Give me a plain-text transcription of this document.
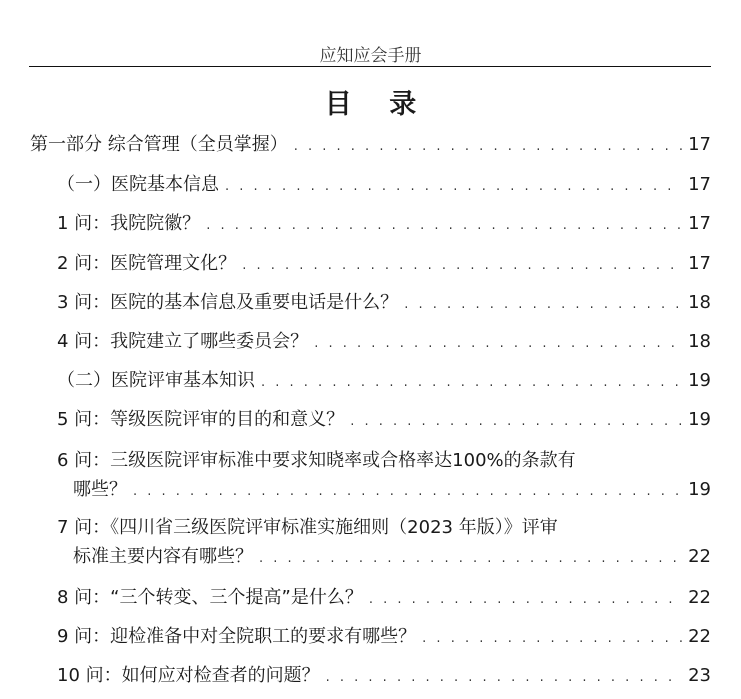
应知应会手册
目 录
第一部分 综合管理（全员掌握） . . .	17
（一）医院基本信息 . . .	17
1 问：我院院徽？ . . .	17
2 问：医院管理文化？ . . .	17
3 问：医院的基本信息及重要电话是什么？ . . .	18
4 问：我院建立了哪些委员会？ . . .	18
（二）医院评审基本知识 . . .	19
5 问：等级医院评审的目的和意义？ . . .	19
6 问：三级医院评审标准中要求知晓率或合格率达100%的条款有
哪些？ . . .	19
7 问：《四川省三级医院评审标准实施细则（2023 年版）》评审
标准主要内容有哪些？ . . .	22
8 问：“三个转变、三个提高”是什么？ . . .	22
9 问：迎检准备中对全院职工的要求有哪些？ . . .	22
10 问：如何应对检查者的问题？ . . .	23
